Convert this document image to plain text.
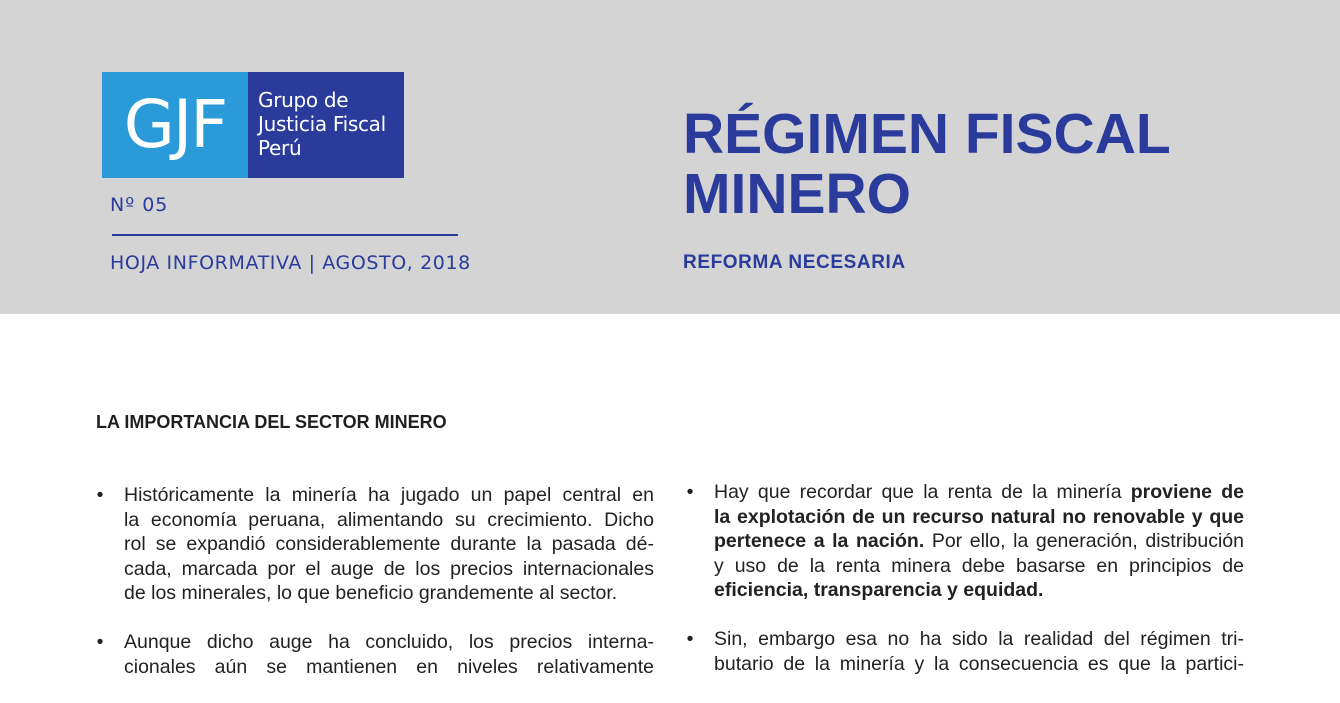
GJF Grupo de
Justicia Fiscal
Perú
Nº 05
HOJA INFORMATIVA | AGOSTO, 2018
RÉGIMEN FISCAL
MINERO
REFORMA NECESARIA
LA IMPORTANCIA DEL SECTOR MINERO
• Históricamente la minería ha jugado un papel central en
la economía peruana, alimentando su crecimiento. Dicho
rol se expandió considerablemente durante la pasada dé-
cada, marcada por el auge de los precios internacionales
de los minerales, lo que beneficio grandemente al sector.
• Aunque dicho auge ha concluido, los precios interna-
cionales aún se mantienen en niveles relativamente
• Hay que recordar que la renta de la minería proviene de
la explotación de un recurso natural no renovable y que
pertenece a la nación. Por ello, la generación, distribución
y uso de la renta minera debe basarse en principios de
eficiencia, transparencia y equidad.
• Sin, embargo esa no ha sido la realidad del régimen tri-
butario de la minería y la consecuencia es que la partici-
